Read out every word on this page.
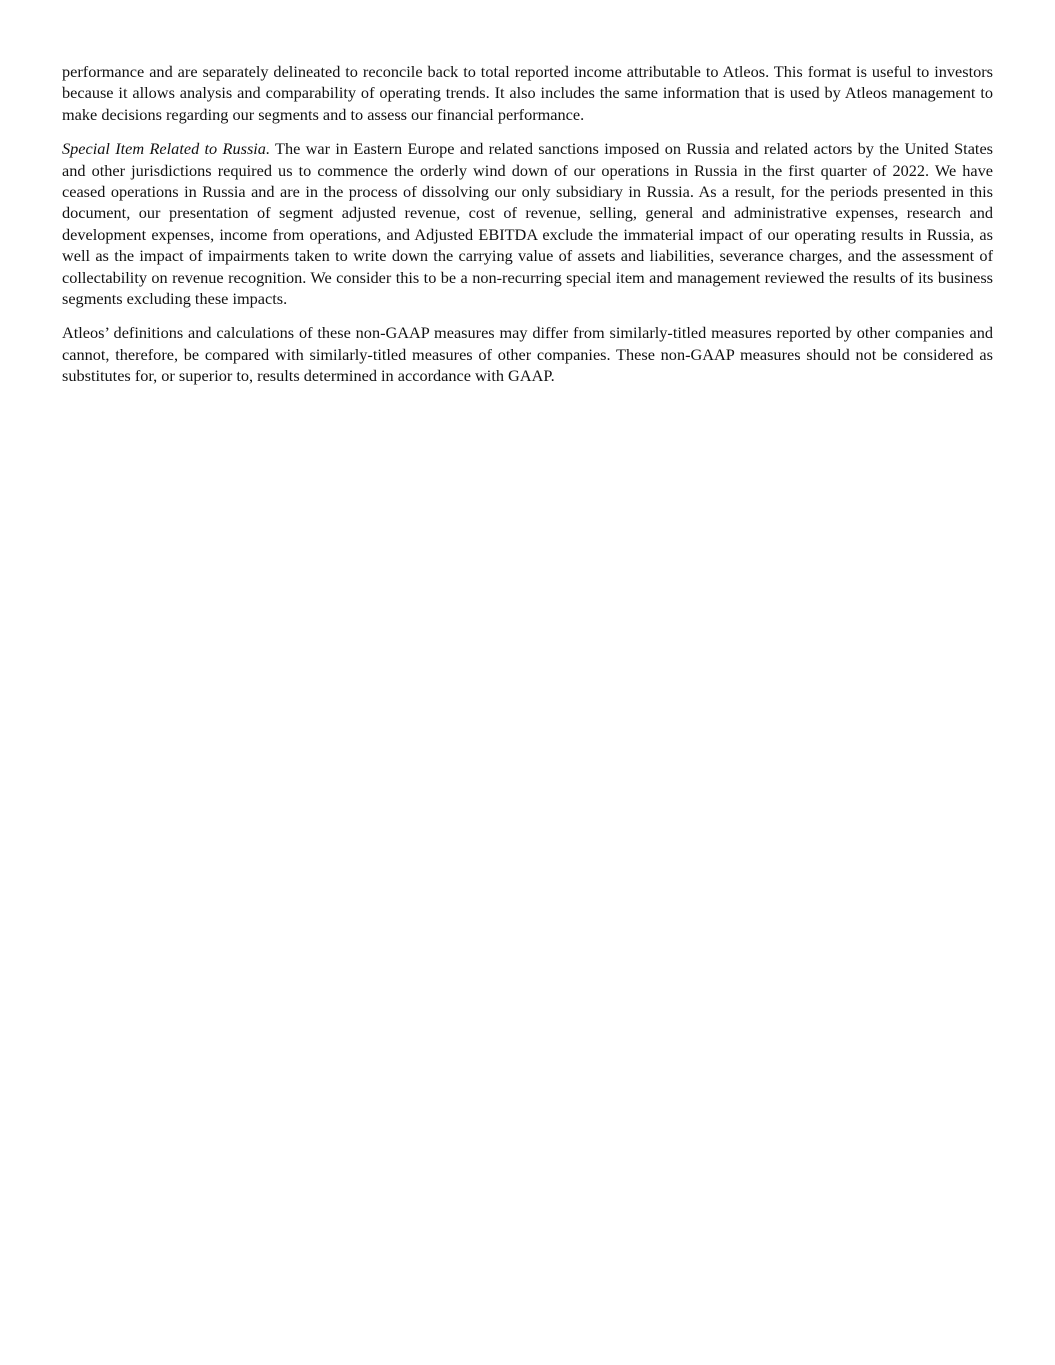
performance and are separately delineated to reconcile back to total reported income attributable to Atleos. This format is useful to investors because it allows analysis and comparability of operating trends. It also includes the same information that is used by Atleos management to make decisions regarding our segments and to assess our financial performance.

Special Item Related to Russia. The war in Eastern Europe and related sanctions imposed on Russia and related actors by the United States and other jurisdictions required us to commence the orderly wind down of our operations in Russia in the first quarter of 2022. We have ceased operations in Russia and are in the process of dissolving our only subsidiary in Russia. As a result, for the periods presented in this document, our presentation of segment adjusted revenue, cost of revenue, selling, general and administrative expenses, research and development expenses, income from operations, and Adjusted EBITDA exclude the immaterial impact of our operating results in Russia, as well as the impact of impairments taken to write down the carrying value of assets and liabilities, severance charges, and the assessment of collectability on revenue recognition. We consider this to be a non-recurring special item and management reviewed the results of its business segments excluding these impacts.

Atleos’ definitions and calculations of these non-GAAP measures may differ from similarly-titled measures reported by other companies and cannot, therefore, be compared with similarly-titled measures of other companies. These non-GAAP measures should not be considered as substitutes for, or superior to, results determined in accordance with GAAP.
